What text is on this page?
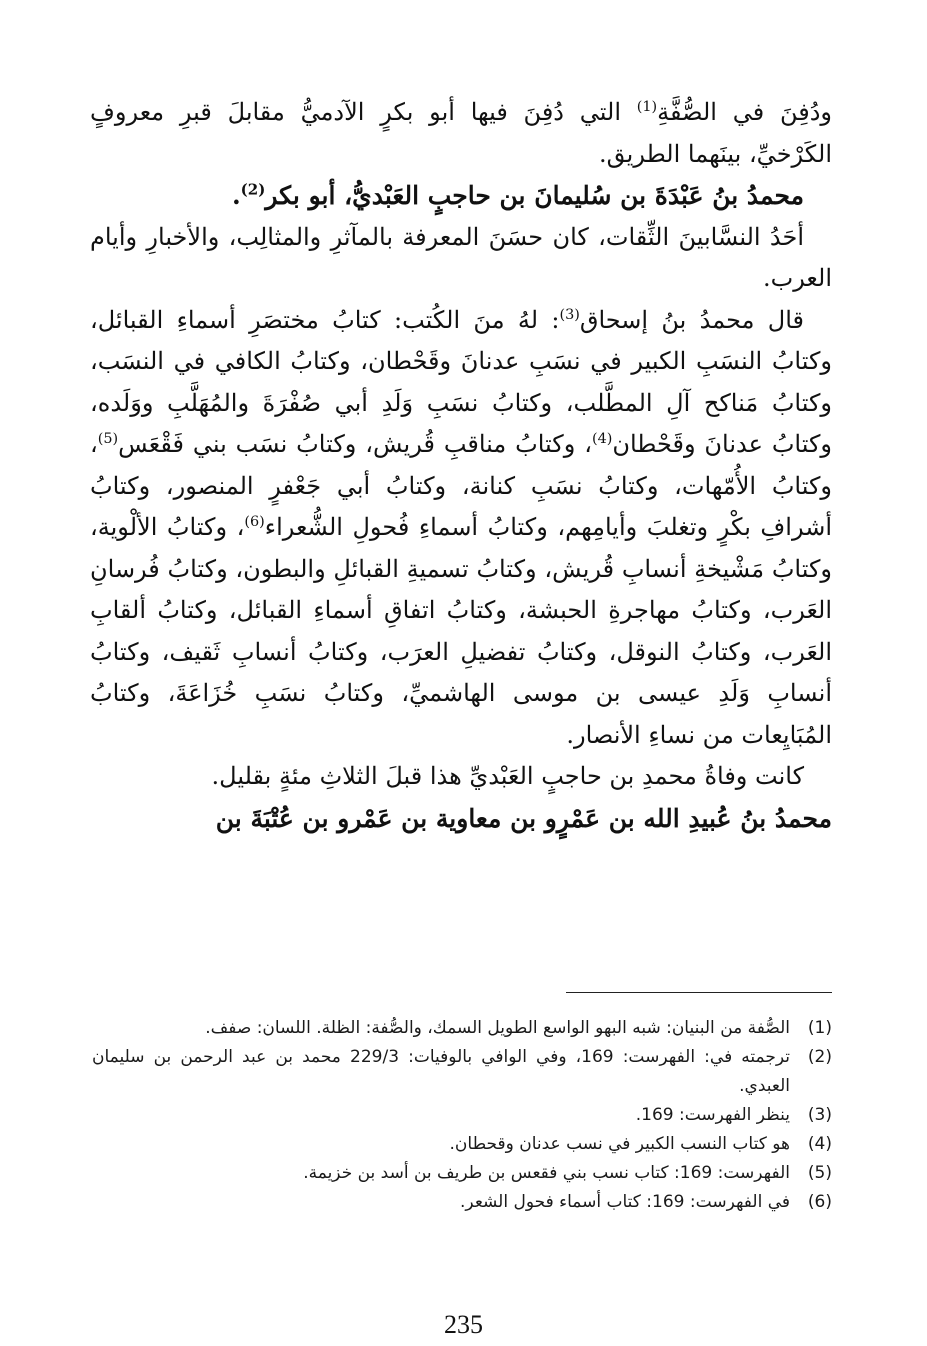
ودُفِنَ في الصُّفَّةِ$^{(1)}$ التي دُفِنَ فيها أبو بكرٍ الآدميُّ مقابلَ قبرِ معروفٍ الكَرْخيِّ، بينَهما الطريق.

محمدُ بنُ عَبْدَةَ بن سُليمانَ بن حاجبٍ العَبْديُّ، أبو بكر$^{(2)}$.

أحَدُ النسَّابينَ الثِّقات، كان حسَنَ المعرفة بالمآثرِ والمثالِب، والأخبارِ وأيام العرب.

قال محمدُ بنُ إسحاق$^{(3)}$: لهُ منَ الكُتب: كتابُ مختصَرِ أسماءِ القبائل، وكتابُ النسَبِ الكبير في نسَبِ عدنانَ وقَحْطان، وكتابُ الكافي في النسَب، وكتابُ مَناكح آلِ المطَّلب، وكتابُ نسَبِ وَلَدِ أبي صُفْرَةَ والمُهَلَّبِ ووَلَده، وكتابُ عدنانَ وقَحْطان$^{(4)}$، وكتابُ مناقبِ قُريش، وكتابُ نسَب بني فَقْعَس$^{(5)}$، وكتابُ الأُمّهات، وكتابُ نسَبِ كنانة، وكتابُ أبي جَعْفرٍ المنصور، وكتابُ أشرافِ بكْرٍ وتغلبَ وأيامِهم، وكتابُ أسماءِ فُحولِ الشُّعراء$^{(6)}$، وكتابُ الألْوية، وكتابُ مَشْيخةِ أنسابِ قُريش، وكتابُ تسميةِ القبائلِ والبطون، وكتابُ فُرسانِ العَرب، وكتابُ مهاجرةِ الحبشة، وكتابُ اتفاقِ أسماءِ القبائل، وكتابُ ألقابِ العَرب، وكتابُ النوقل، وكتابُ تفضيلِ العرَب، وكتابُ أنسابِ ثَقيف، وكتابُ أنسابِ وَلَدِ عيسى بن موسى الهاشميِّ، وكتابُ نسَبِ خُزَاعَةَ، وكتابُ المُبَايِعات من نساءِ الأنصار.

كانت وفاةُ محمدِ بن حاجبٍ العَبْديِّ هذا قبلَ الثلاثِ مئةٍ بقليل.

محمدُ بنُ عُبيدِ الله بن عَمْرٍو بن معاوية بن عَمْرو بن عُتْبَةَ بن

(1)
الصُّفة من البنيان: شبه البهو الواسع الطويل السمك، والصُّفة: الظلة. اللسان: صفف.
(2)
ترجمته في: الفهرست: 169، وفي الوافي بالوفيات: 229/3 محمد بن عبد الرحمن بن سليمان العبدي.
(3)
ينظر الفهرست: 169.
(4)
هو كتاب النسب الكبير في نسب عدنان وقحطان.
(5)
الفهرست: 169: كتاب نسب بني فقعس بن طريف بن أسد بن خزيمة.
(6)
في الفهرست: 169: كتاب أسماء فحول الشعر.
235
